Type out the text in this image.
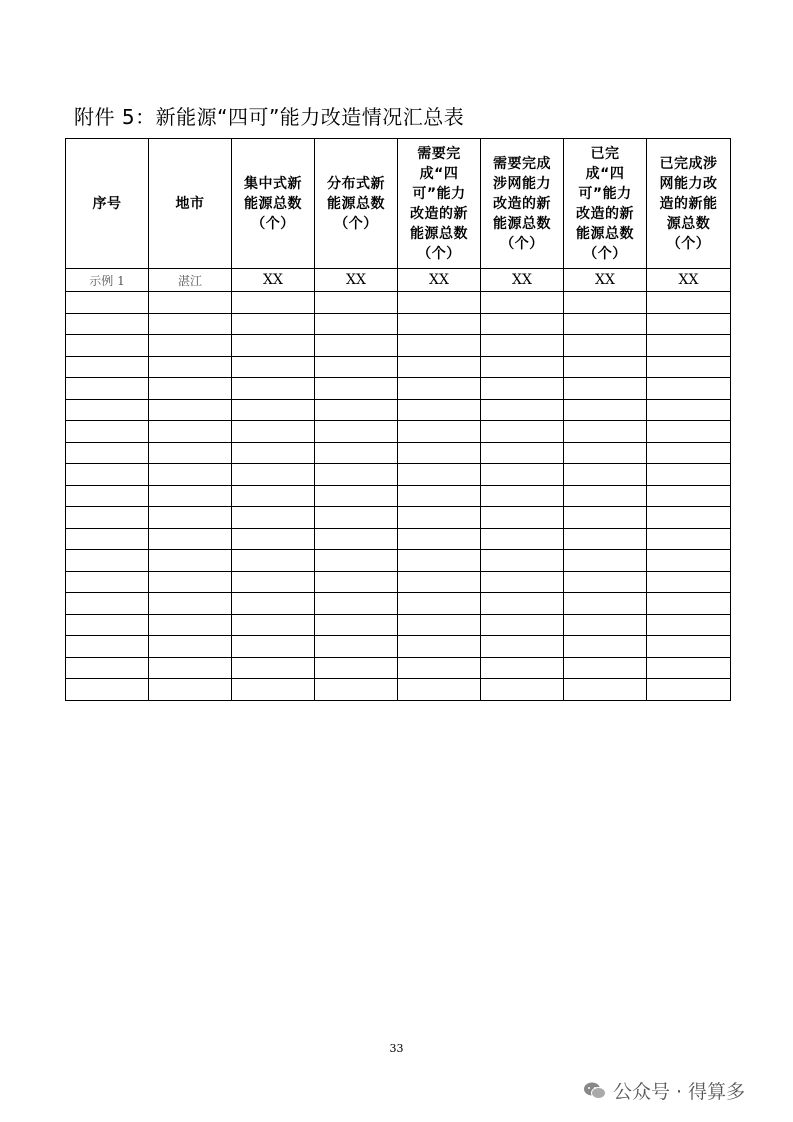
附件 5：新能源“四可”能力改造情况汇总表
序号	地市	集中式新能源总数（个）	分布式新能源总数（个）	需要完成“四可”能力改造的新能源总数（个）	需要完成涉网能力改造的新能源总数（个）	已完成“四可”能力改造的新能源总数（个）	已完成涉网能力改造的新能源总数（个）
示例 1	湛江	XX	XX	XX	XX	XX	XX

33
公众号 · 得算多
